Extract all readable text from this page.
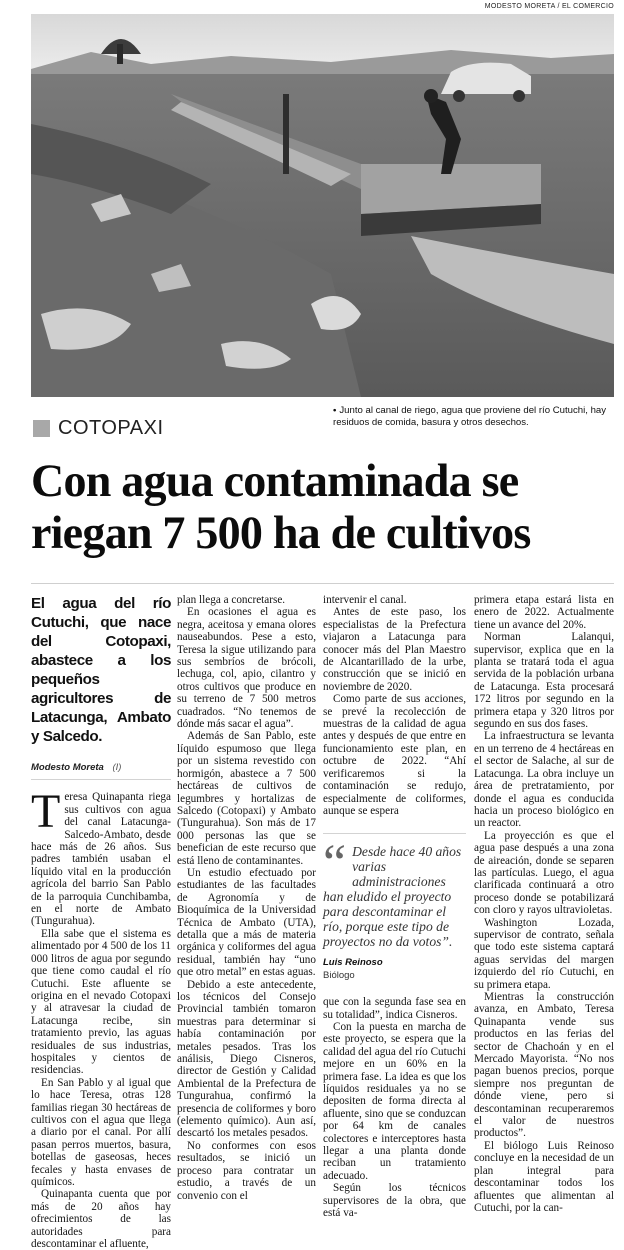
MODESTO MORETA / EL COMERCIO
• Junto al canal de riego, agua que proviene del río Cutuchi, hay residuos de comida, basura y otros desechos.
COTOPAXI
Con agua contaminada se riegan 7 500 ha de cultivos
El agua del río Cutuchi, que nace del Cotopaxi, abastece a los pequeños agricultores de Latacunga, Ambato y Salcedo.
Modesto Moreta (I)

Teresa Quinapanta riega sus cultivos con agua del canal Latacunga-Salcedo-Ambato, desde hace más de 26 años. Sus padres también usaban el líquido vital en la producción agrícola del barrio San Pablo de la parroquia Cunchibamba, en el norte de Ambato (Tungurahua).

Ella sabe que el sistema es alimentado por 4 500 de los 11 000 litros de agua por segundo que tiene como caudal el río Cutuchi. Este afluente se origina en el nevado Cotopaxi y al atravesar la ciudad de Latacunga recibe, sin tratamiento previo, las aguas residuales de sus industrias, hospitales y cientos de residencias.

En San Pablo y al igual que lo hace Teresa, otras 128 familias riegan 30 hectáreas de cultivos con el agua que llega a diario por el canal. Por allí pasan perros muertos, basura, botellas de gaseosas, heces fecales y hasta envases de químicos.

Quinapanta cuenta que por más de 20 años hay ofrecimientos de las autoridades para descontaminar el afluente,

plan llega a concretarse.

En ocasiones el agua es negra, aceitosa y emana olores nauseabundos. Pese a esto, Teresa la sigue utilizando para sus sembríos de brócoli, lechuga, col, apio, cilantro y otros cultivos que produce en su terreno de 7 500 metros cuadrados. “No tenemos de dónde más sacar el agua”.

Además de San Pablo, este líquido espumoso que llega por un sistema revestido con hormigón, abastece a 7 500 hectáreas de cultivos de legumbres y hortalizas de Salcedo (Cotopaxi) y Ambato (Tungurahua). Son más de 17 000 personas las que se benefician de este recurso que está lleno de contaminantes.

Un estudio efectuado por estudiantes de las facultades de Agronomía y de Bioquímica de la Universidad Técnica de Ambato (UTA), detalla que a más de materia orgánica y coliformes del agua residual, también hay “uno que otro metal” en estas aguas.

Debido a este antecedente, los técnicos del Consejo Provincial también tomaron muestras para determinar si había contaminación por metales pesados. Tras los análisis, Diego Cisneros, director de Gestión y Calidad Ambiental de la Prefectura de Tungurahua, confirmó la presencia de coliformes y boro (elemento químico). Aun así, descartó los metales pesados.

No conformes con esos resultados, se inició un proceso para contratar un estudio, a través de un convenio con el

intervenir el canal.

Antes de este paso, los especialistas de la Prefectura viajaron a Latacunga para conocer más del Plan Maestro de Alcantarillado de la urbe, construcción que se inició en noviembre de 2020.

Como parte de sus acciones, se prevé la recolección de muestras de la calidad de agua antes y después de que entre en funcionamiento este plan, en octubre de 2022. “Ahí verificaremos si la contaminación se redujo, especialmente de coliformes, aunque se espera

“ Desde hace 40 años varias administraciones han eludido el proyecto para descontaminar el río, porque este tipo de proyectos no da votos”.
Luis Reinoso
Biólogo

que con la segunda fase sea en su totalidad”, indica Cisneros.

Con la puesta en marcha de este proyecto, se espera que la calidad del agua del río Cutuchi mejore en un 60% en la primera fase. La idea es que los líquidos residuales ya no se depositen de forma directa al afluente, sino que se conduzcan por 64 km de canales colectores e interceptores hasta llegar a una planta donde reciban un tratamiento adecuado.

Según los técnicos supervisores de la obra, que está va-

primera etapa estará lista en enero de 2022. Actualmente tiene un avance del 20%.

Norman Lalanqui, supervisor, explica que en la planta se tratará toda el agua servida de la población urbana de Latacunga. Esta procesará 172 litros por segundo en la primera etapa y 320 litros por segundo en sus dos fases.

La infraestructura se levanta en un terreno de 4 hectáreas en el sector de Salache, al sur de Latacunga. La obra incluye un área de pretratamiento, por donde el agua es conducida hacia un proceso biológico en un reactor.

La proyección es que el agua pase después a una zona de aireación, donde se separen las partículas. Luego, el agua clarificada continuará a otro proceso donde se potabilizará con cloro y rayos ultravioletas.

Washington Lozada, supervisor de contrato, señala que todo este sistema captará aguas servidas del margen izquierdo del río Cutuchi, en su primera etapa.

Mientras la construcción avanza, en Ambato, Teresa Quinapanta vende sus productos en las ferias del sector de Chachoán y en el Mercado Mayorista. “No nos pagan buenos precios, porque siempre nos preguntan de dónde viene, pero si descontaminan recuperaremos el valor de nuestros productos”.

El biólogo Luis Reinoso concluye en la necesidad de un plan integral para descontaminar todos los afluentes que alimentan al Cutuchi, por la can-
